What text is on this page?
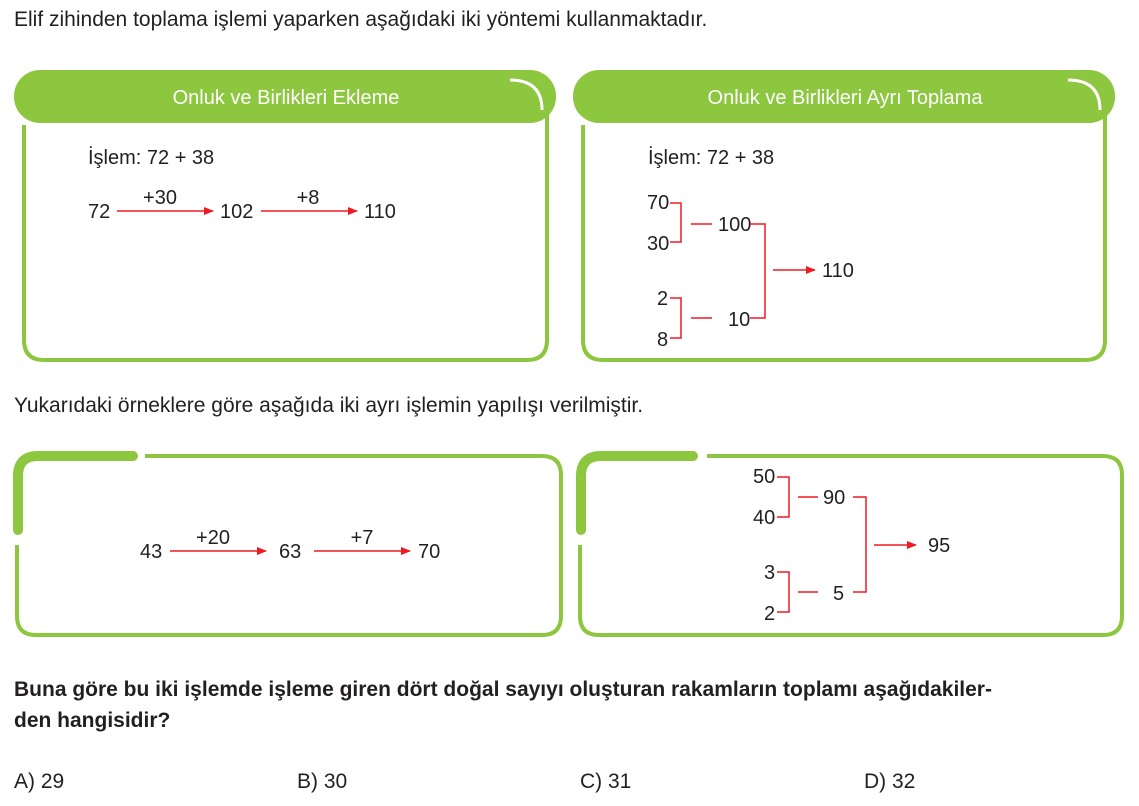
Elif zihinden toplama işlemi yaparken aşağıdaki iki yöntemi kullanmaktadır.
Onluk ve Birlikleri Ekleme
İşlem: 72 + 38
72
+30
102
+8
110
Onluk ve Birlikleri Ayrı Toplama
İşlem: 72 + 38
70
30
100
2
8
10
110
43
+20
63
+7
70
50
40
90
3
2
5
95
Yukarıdaki örneklere göre aşağıda iki ayrı işlemin yapılışı verilmiştir.
Buna göre bu iki işlemde işleme giren dört doğal sayıyı oluşturan rakamların toplamı aşağıdakiler-
den hangisidir?
A) 29	B) 30	C) 31	D) 32
